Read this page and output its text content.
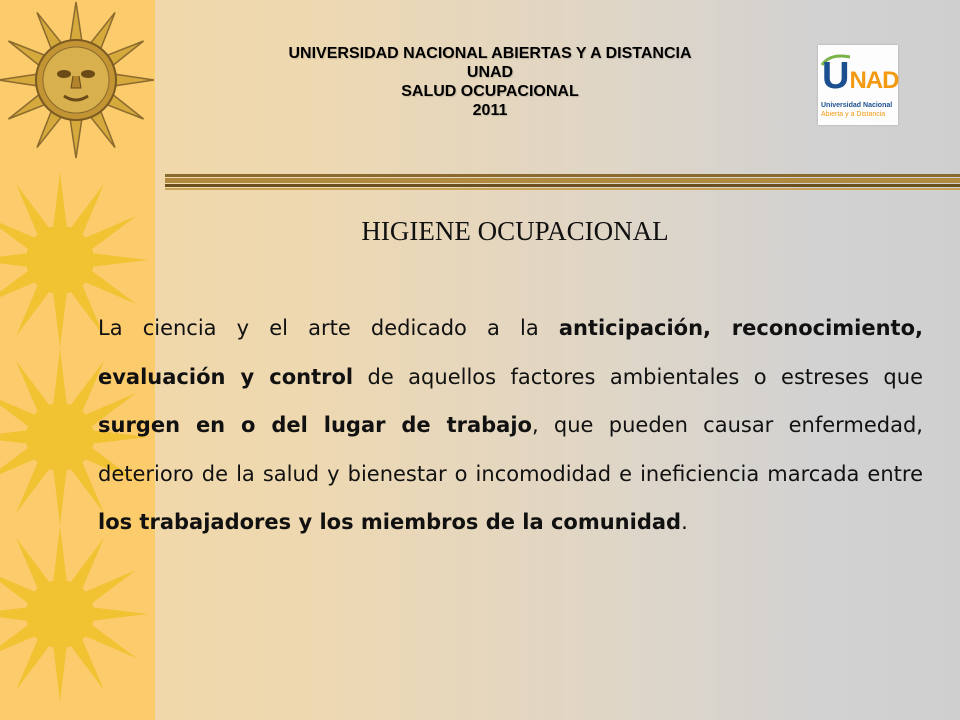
UNIVERSIDAD NACIONAL ABIERTAS Y A DISTANCIA
UNAD
SALUD OCUPACIONAL
2011
UNAD
Universidad Nacional
Abierta y a Distancia
HIGIENE OCUPACIONAL
La ciencia y el arte dedicado a la anticipación, reconocimiento, evaluación y control de aquellos factores ambientales o estreses que surgen en o del lugar de trabajo, que pueden causar enfermedad, deterioro de la salud y bienestar o incomodidad e ineficiencia marcada entre los trabajadores y los miembros de la comunidad.
